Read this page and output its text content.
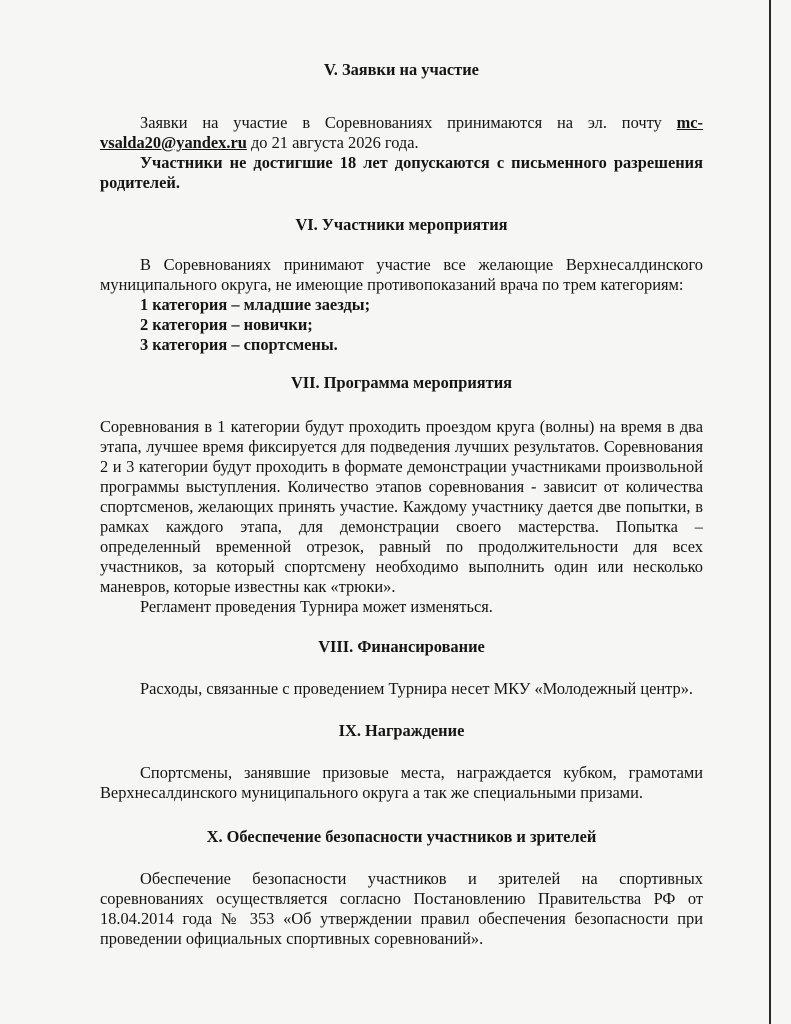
V. Заявки на участие

Заявки на участие в Соревнованиях принимаются на эл. почту mc-vsalda20@yandex.ru до 21 августа 2026 года.

Участники не достигшие 18 лет допускаются с письменного разрешения родителей.

VI. Участники мероприятия

В Соревнованиях принимают участие все желающие Верхнесалдинского муниципального округа, не имеющие противопоказаний врача по трем категориям:

1 категория – младшие заезды;
2 категория – новички;
3 категория – спортсмены.
VII. Программа мероприятия

Соревнования в 1 категории будут проходить проездом круга (волны) на время в два этапа, лучшее время фиксируется для подведения лучших результатов. Соревнования 2 и 3 категории будут проходить в формате демонстрации участниками произвольной программы выступления. Количество этапов соревнования - зависит от количества спортсменов, желающих принять участие. Каждому участнику дается две попытки, в рамках каждого этапа, для демонстрации своего мастерства. Попытка – определенный временной отрезок, равный по продолжительности для всех участников, за который спортсмену необходимо выполнить один или несколько маневров, которые известны как «трюки».

Регламент проведения Турнира может изменяться.

VIII. Финансирование

Расходы, связанные с проведением Турнира несет МКУ «Молодежный центр».

IX. Награждение

Спортсмены, занявшие призовые места, награждается кубком, грамотами Верхнесалдинского муниципального округа а так же специальными призами.

X. Обеспечение безопасности участников и зрителей

Обеспечение безопасности участников и зрителей на спортивных соревнованиях осуществляется согласно Постановлению Правительства РФ от 18.04.2014 года № 353 «Об утверждении правил обеспечения безопасности при проведении официальных спортивных соревнований».
